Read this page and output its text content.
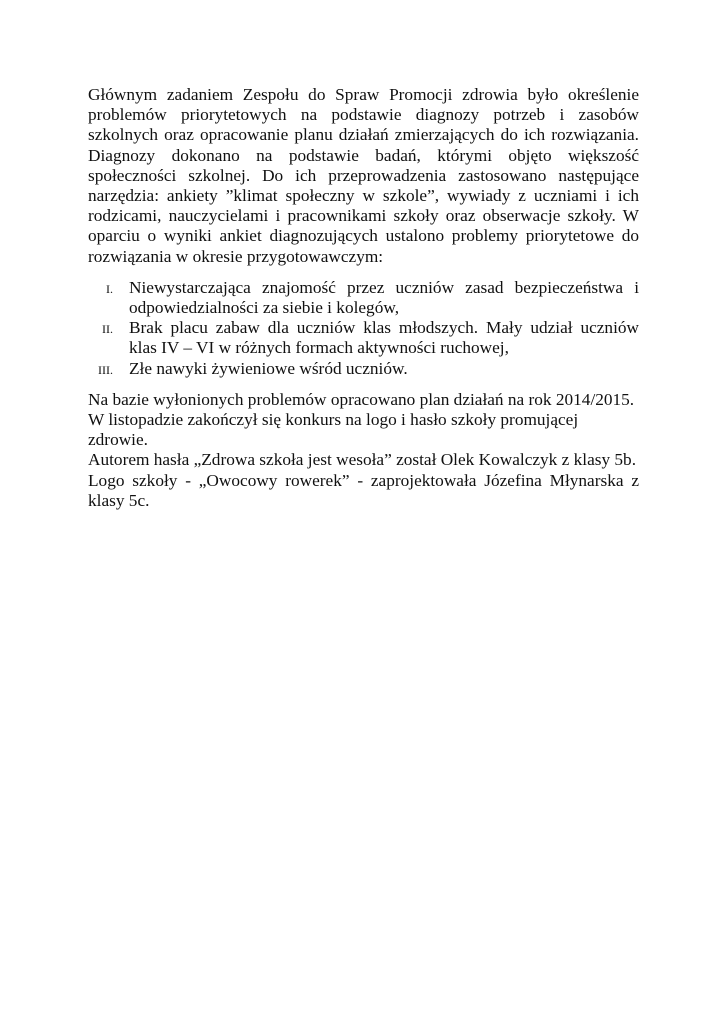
Głównym zadaniem Zespołu do Spraw Promocji zdrowia było określenie problemów priorytetowych na podstawie diagnozy potrzeb i zasobów szkolnych oraz opracowanie planu działań zmierzających do ich rozwiązania. Diagnozy dokonano na podstawie badań, którymi objęto większość społeczności szkolnej. Do ich przeprowadzenia zastosowano następujące narzędzia: ankiety ”klimat społeczny w szkole”, wywiady z uczniami i ich rodzicami, nauczycielami i pracownikami szkoły oraz obserwacje szkoły. W oparciu o wyniki ankiet diagnozujących ustalono problemy priorytetowe do rozwiązania w okresie przygotowawczym:

I. Niewystarczająca znajomość przez uczniów zasad bezpieczeństwa i odpowiedzialności za siebie i kolegów,
II. Brak placu zabaw dla uczniów klas młodszych. Mały udział uczniów klas IV – VI w różnych formach aktywności ruchowej,
III. Złe nawyki żywieniowe wśród uczniów.
Na bazie wyłonionych problemów opracowano plan działań na rok 2014/2015.
W listopadzie zakończył się konkurs na logo i hasło szkoły promującej zdrowie.
Autorem hasła „Zdrowa szkoła jest wesoła” został Olek Kowalczyk z klasy 5b.
Logo szkoły - „Owocowy rowerek” - zaprojektowała Józefina Młynarska z klasy 5c.
